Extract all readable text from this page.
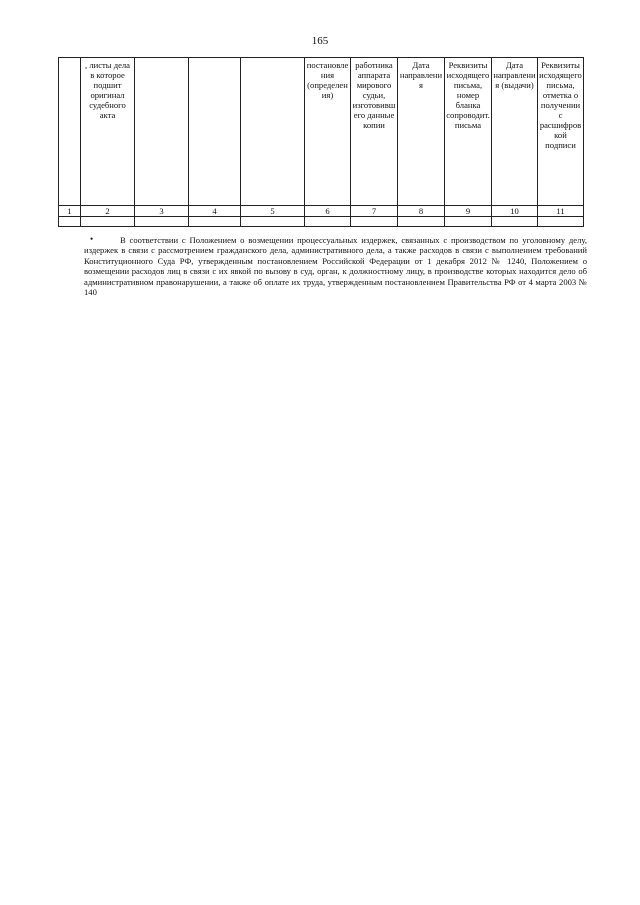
165
	, листы дела в которое подшит оригинал судебного акта				постановления (определения)	работника аппарата мирового судьи, изготовившего данные копии	Дата направления	Реквизиты исходящего письма, номер бланка сопроводит. письма	Дата направления (выдачи)	Реквизиты исходящего письма, отметка о получении с расшифровкой подписи
1	2	3	4	5	6	7	8	9	10	11

•	В соответствии с Положением о возмещении процессуальных издержек, связанных с производством по уголовному делу, издержек в связи с рассмотрением гражданского дела, административного дела, а также расходов в связи с выполнением требований Конституционного Суда РФ, утвержденным постановлением Российской Федерации от 1 декабря 2012 № 1240, Положением о возмещении расходов лиц в связи с их явкой по вызову в суд, орган, к должностному лицу, в производстве которых находится дело об административном правонарушении, а также об оплате их труда, утвержденным постановлением Правительства РФ от 4 марта 2003 № 140
